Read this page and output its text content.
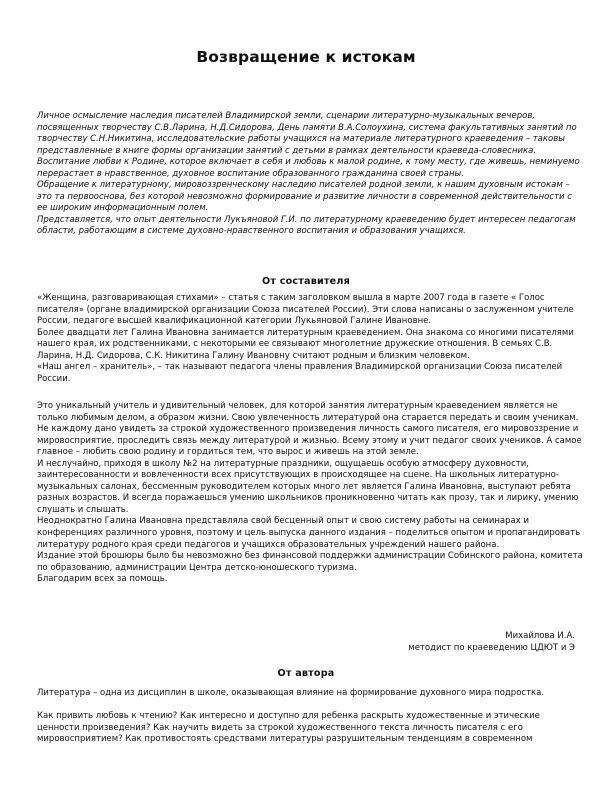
Возвращение к истокам

Личное осмысление наследия писателей Владимирской земли, сценарии литературно-музыкальных вечеров, посвященных творчеству С.В.Ларина, Н.Д.Сидорова, День памяти В.А.Солоухина, система факультативных занятий по творчеству С.Н.Никитина, исследовательские работы учащихся на материале литературного краеведения – таковы представленные в книге формы организации занятий с детьми в рамках деятельности краеведа-словесника.

Воспитание любви к Родине, которое включает в себя и любовь к малой родине, к тому месту, где живешь, неминуемо перерастает в нравственное, духовное воспитание образованного гражданина своей страны.

Обращение к литературному, мировоззренческому наследию писателей родной земли, к нашим духовным истокам – это та первооснова, без которой невозможно формирование и развитие личности в современной действительности с ее широким информационным полем.

Представляется, что опыт деятельности Лукъяновой Г.И. по литературному краеведению будет интересен педагогам области, работающим в системе духовно-нравственного воспитания и образования учащихся.

От составителя

«Женщина, разговаривающая стихами» – статья с таким заголовком вышла в марте 2007 года в газете « Голос писателя» (органе владимирской организации Союза писателей России). Эти слова написаны о заслуженном учителе России, педагоге высшей квалификационной категории Лукьяновой Галине Ивановне.

Более двадцати лет Галина Ивановна занимается литературным краеведением. Она знакома со многими писателями нашего края, их родственниками, с некоторыми ее связывают многолетние дружеские отношения. В семьях С.В. Ларина, Н.Д. Сидорова, С.К. Никитина Галину Ивановну считают родным и близким человеком.

«Наш ангел – хранитель», – так называют педагога члены правления Владимирской организации Союза писателей России.

Это уникальный учитель и удивительный человек, для которой занятия литературным краеведением является не только любимым делом, а образом жизни. Свою увлеченность литературой она старается передать и своим ученикам.

Не каждому дано увидеть за строкой художественного произведения личность самого писателя, его мировоззрение и мировосприятие, проследить связь между литературой и жизнью. Всему этому и учит педагог своих учеников. А самое главное – любить свою родину и гордиться тем, что вырос и живешь на этой земле.

И неслучайно, приходя в школу №2 на литературные праздники, ощущаешь особую атмосферу духовности, заинтересованности и вовлеченности всех присутствующих в происходящее на сцене. На школьных литературно-музыкальных салонах, бессменным руководителем которых много лет является Галина Ивановна, выступают ребята разных возрастов. И всегда поражаешься умению школьников проникновенно читать как прозу, так и лирику, умению слушать и слышать.

Неоднократно Галина Ивановна представляла свой бесценный опыт и свою систему работы на семинарах и конференциях различного уровня, поэтому и цель выпуска данного издания – поделиться опытом и пропагандировать литературу родного края среди педагогов и учащихся образовательных учреждений нашего района.

Издание этой брошюры было бы невозможно без финансовой поддержки администрации Собинского района, комитета по образованию, администрации Центра детско-юношеского туризма.

Благодарим всех за помощь.

Михайлова И.А.

методист по краеведению ЦДЮТ и Э

От автора

Литература – одна из дисциплин в школе, оказывающая влияние на формирование духовного мира подростка.

Как привить любовь к чтению? Как интересно и доступно для ребенка раскрыть художественные и этические ценности произведения? Как научить видеть за строкой художественного текста личность писателя с его мировосприятием? Как противостоять средствами литературы разрушительным тенденциям в современном
